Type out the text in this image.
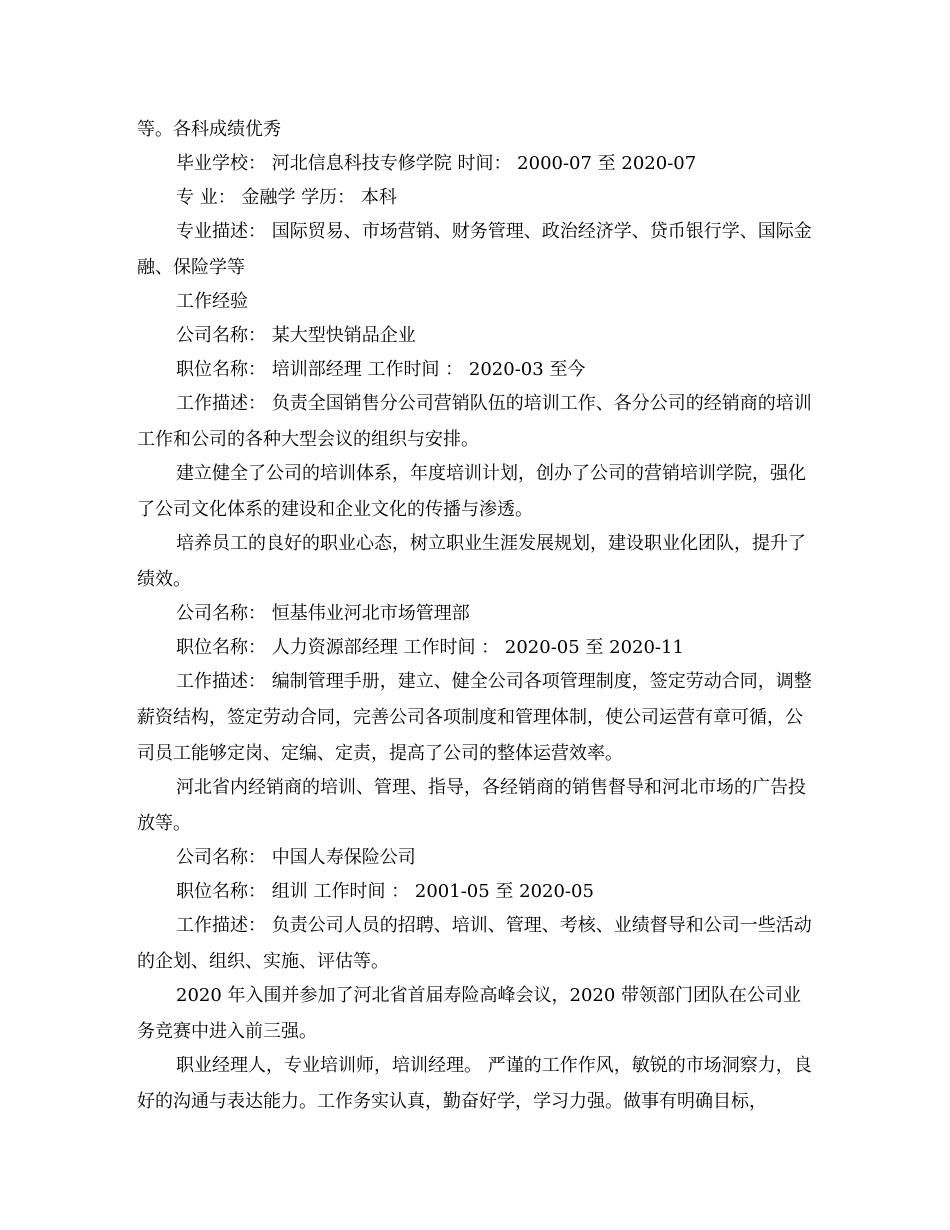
等。各科成绩优秀

毕业学校： 河北信息科技专修学院 时间： 2000-07 至 2020-07

专 业： 金融学 学历： 本科

专业描述： 国际贸易、市场营销、财务管理、政治经济学、贷币银行学、国际金融、保险学等

工作经验

公司名称： 某大型快销品企业

职位名称： 培训部经理 工作时间 ： 2020-03 至今

工作描述： 负责全国销售分公司营销队伍的培训工作、各分公司的经销商的培训工作和公司的各种大型会议的组织与安排。

建立健全了公司的培训体系，年度培训计划，创办了公司的营销培训学院，强化了公司文化体系的建设和企业文化的传播与渗透。

培养员工的良好的职业心态，树立职业生涯发展规划，建设职业化团队，提升了绩效。

公司名称： 恒基伟业河北市场管理部

职位名称： 人力资源部经理 工作时间 ： 2020-05 至 2020-11

工作描述： 编制管理手册，建立、健全公司各项管理制度，签定劳动合同，调整薪资结构，签定劳动合同，完善公司各项制度和管理体制，使公司运营有章可循，公司员工能够定岗、定编、定责，提高了公司的整体运营效率。

河北省内经销商的培训、管理、指导，各经销商的销售督导和河北市场的广告投放等。

公司名称： 中国人寿保险公司

职位名称： 组训 工作时间 ： 2001-05 至 2020-05

工作描述： 负责公司人员的招聘、培训、管理、考核、业绩督导和公司一些活动的企划、组织、实施、评估等。

2020 年入围并参加了河北省首届寿险高峰会议，2020 带领部门团队在公司业务竞赛中进入前三强。

职业经理人，专业培训师，培训经理。 严谨的工作作风，敏锐的市场洞察力，良好的沟通与表达能力。工作务实认真，勤奋好学，学习力强。做事有明确目标，
